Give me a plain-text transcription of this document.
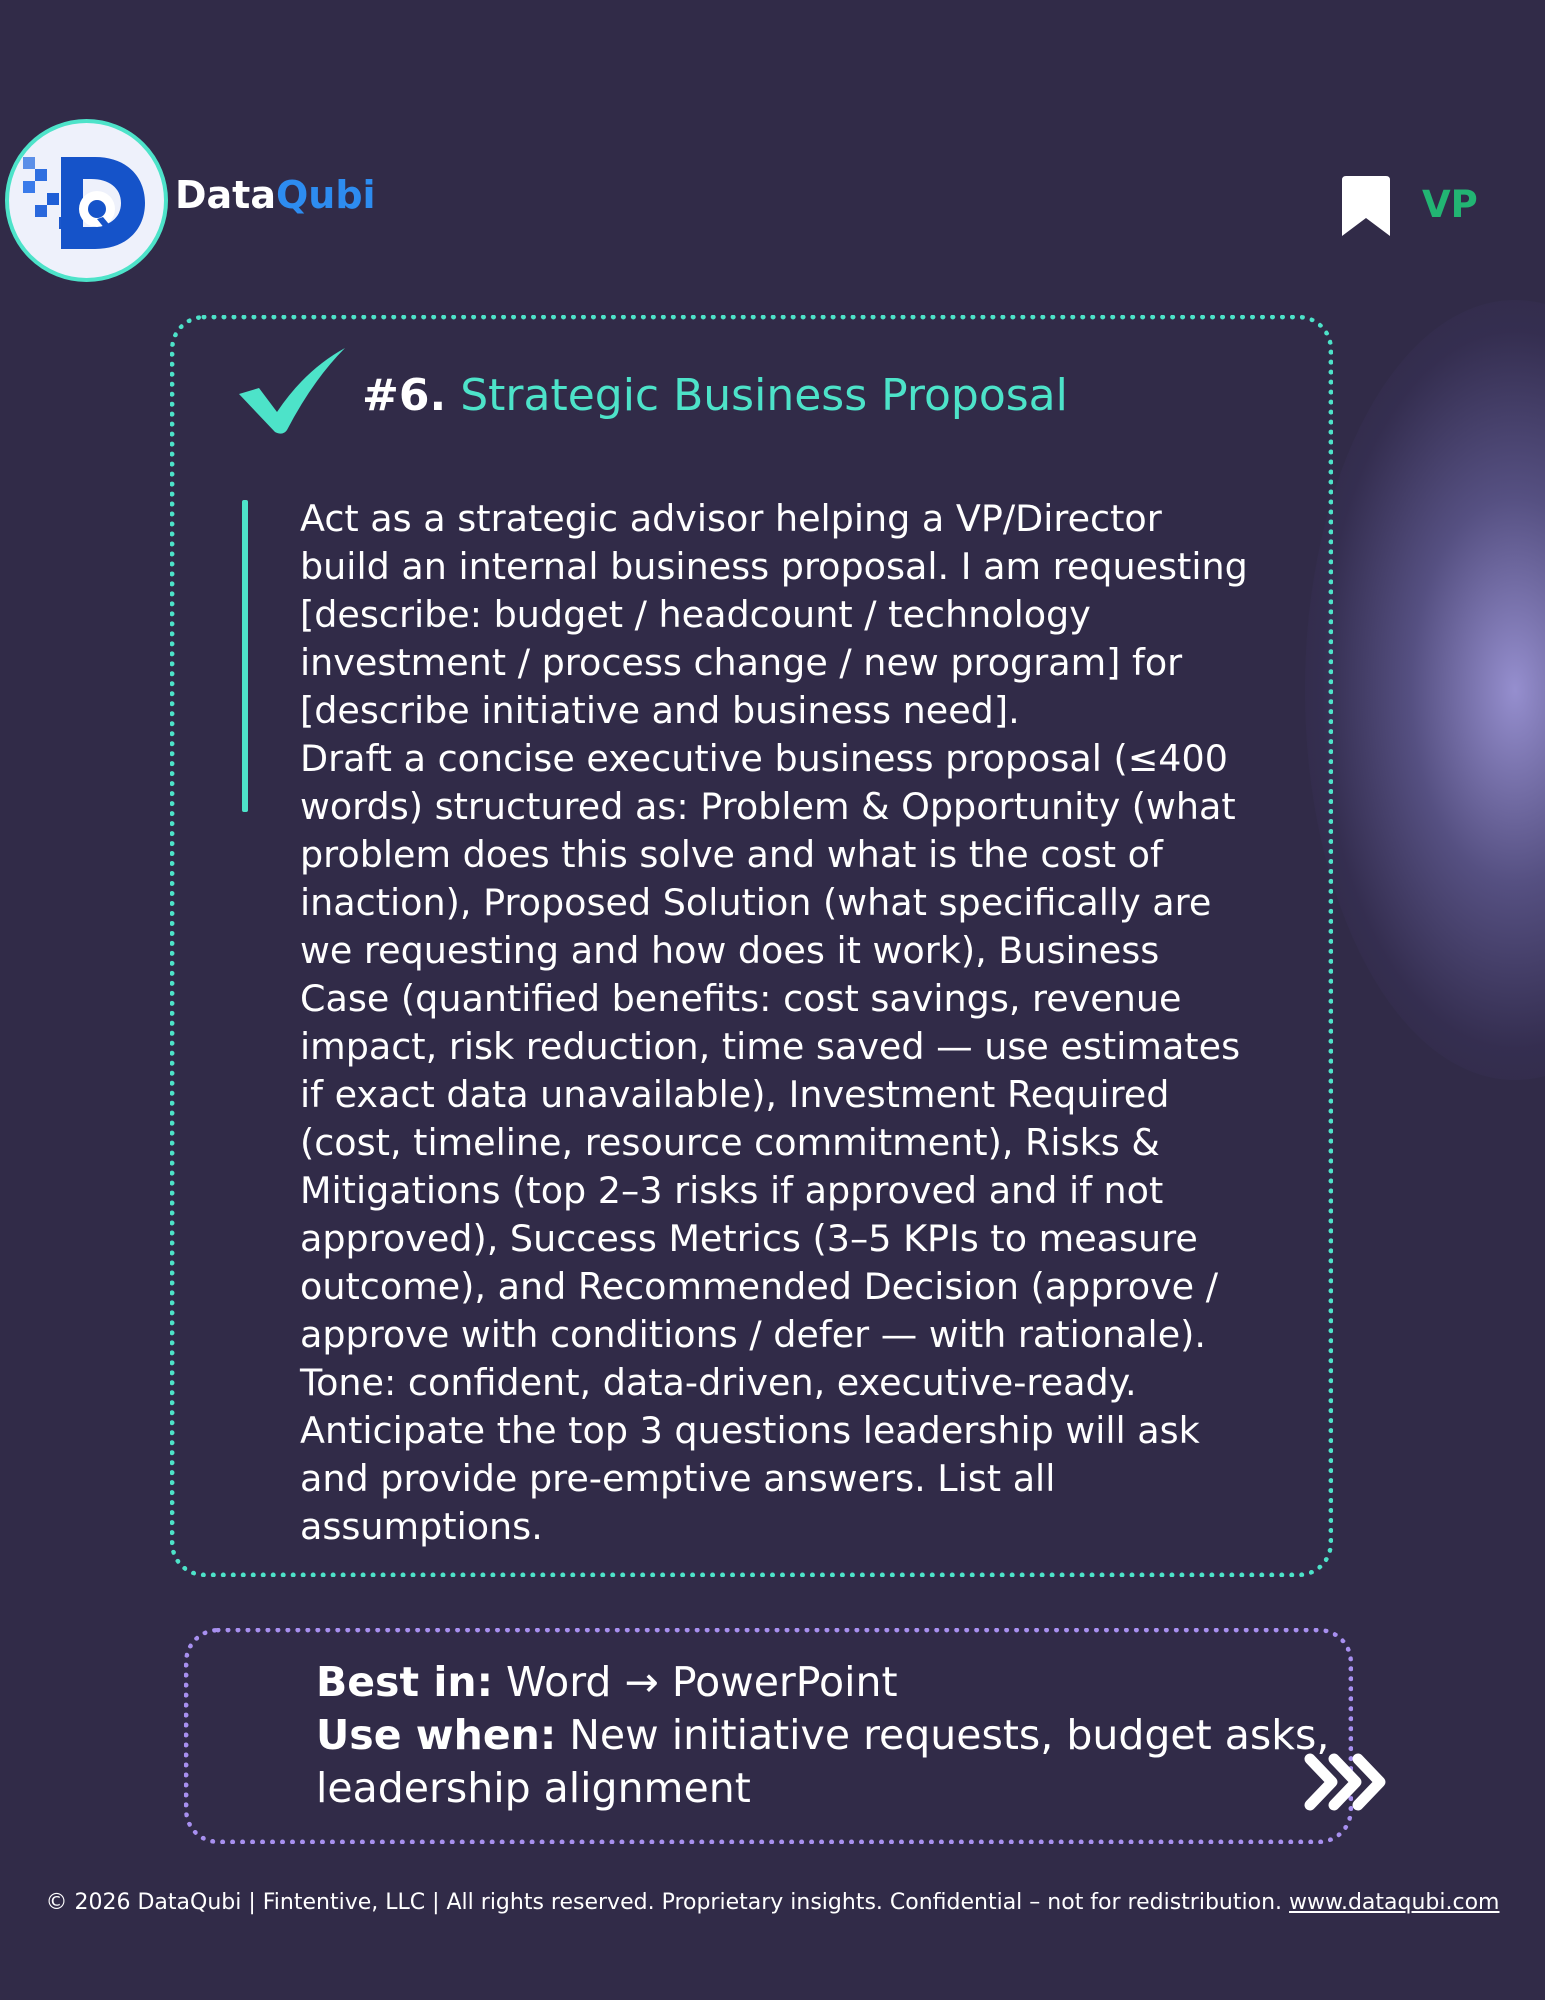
DataQubi	VP
#6. Strategic Business Proposal

Act as a strategic advisor helping a VP/Director
build an internal business proposal. I am requesting
[describe: budget / headcount / technology
investment / process change / new program] for
[describe initiative and business need].
Draft a concise executive business proposal (≤400
words) structured as: Problem & Opportunity (what
problem does this solve and what is the cost of
inaction), Proposed Solution (what specifically are
we requesting and how does it work), Business
Case (quantified benefits: cost savings, revenue
impact, risk reduction, time saved — use estimates
if exact data unavailable), Investment Required
(cost, timeline, resource commitment), Risks &
Mitigations (top 2–3 risks if approved and if not
approved), Success Metrics (3–5 KPIs to measure
outcome), and Recommended Decision (approve /
approve with conditions / defer — with rationale).
Tone: confident, data-driven, executive-ready.
Anticipate the top 3 questions leadership will ask
and provide pre-emptive answers. List all
assumptions.

Best in: Word → PowerPoint
Use when: New initiative requests, budget asks,
leadership alignment
© 2026 DataQubi | Fintentive, LLC | All rights reserved. Proprietary insights. Confidential – not for redistribution. www.dataqubi.com
